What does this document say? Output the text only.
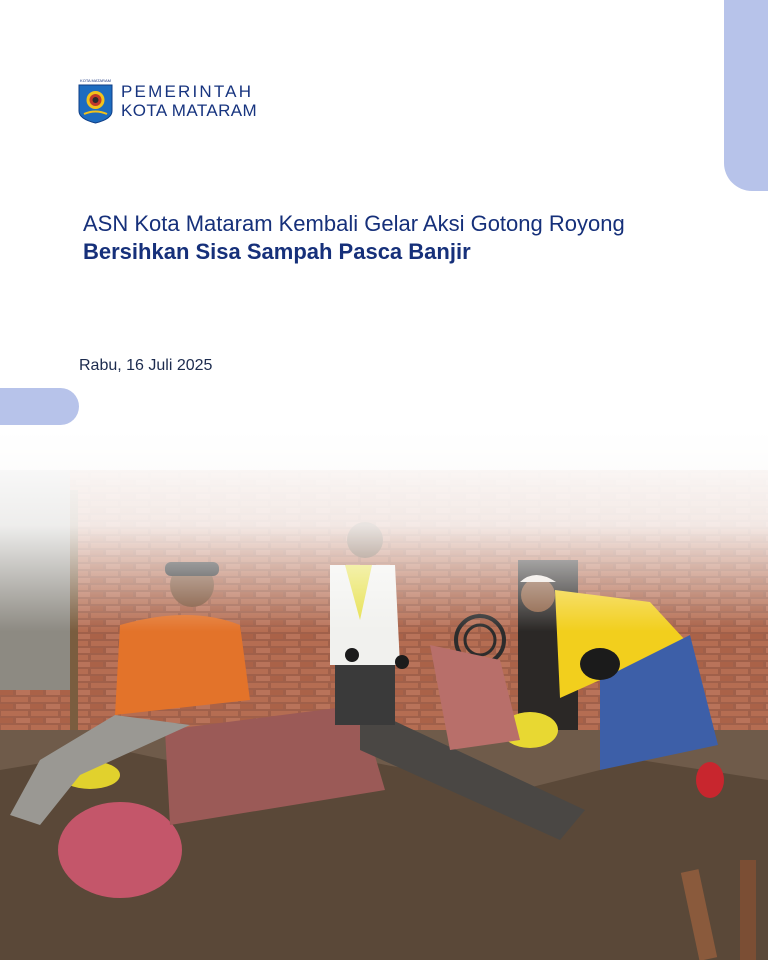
KOTA MATARAM
PEMERINTAH
KOTA MATARAM
ASN Kota Mataram Kembali Gelar Aksi Gotong Royong
Bersihkan Sisa Sampah Pasca Banjir
Rabu, 16 Juli 2025
